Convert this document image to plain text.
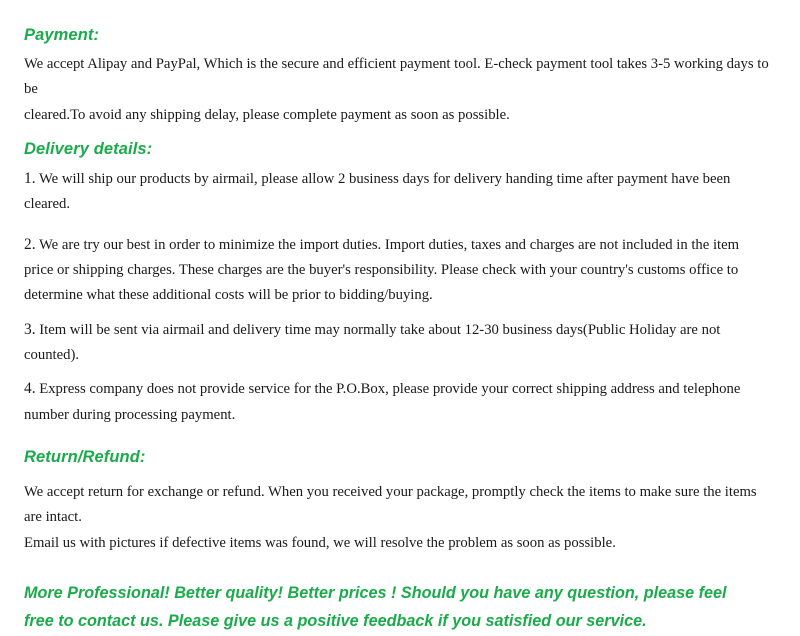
Payment:

We accept Alipay and PayPal, Which is the secure and efficient payment tool. E-check payment tool takes 3-5 working days to be

cleared.To avoid any shipping delay, please complete payment as soon as possible.

Delivery details:
1. We will ship our products by airmail, please allow 2 business days for delivery handing time after payment have been cleared.
2. We are try our best in order to minimize the import duties. Import duties, taxes and charges are not included in the item price or shipping charges. These charges are the buyer's responsibility. Please check with your country's customs office to determine what these additional costs will be prior to bidding/buying.
3. Item will be sent via airmail and delivery time may normally take about 12-30 business days(Public Holiday are not counted).
4. Express company does not provide service for the P.O.Box, please provide your correct shipping address and telephone number during processing payment.
Return/Refund:

We accept return for exchange or refund. When you received your package, promptly check the items to make sure the items are intact.

Email us with pictures if defective items was found, we will resolve the problem as soon as possible.

More Professional! Better quality! Better prices ! Should you have any question, please feel free to contact us. Please give us a positive feedback if you satisfied our service.
